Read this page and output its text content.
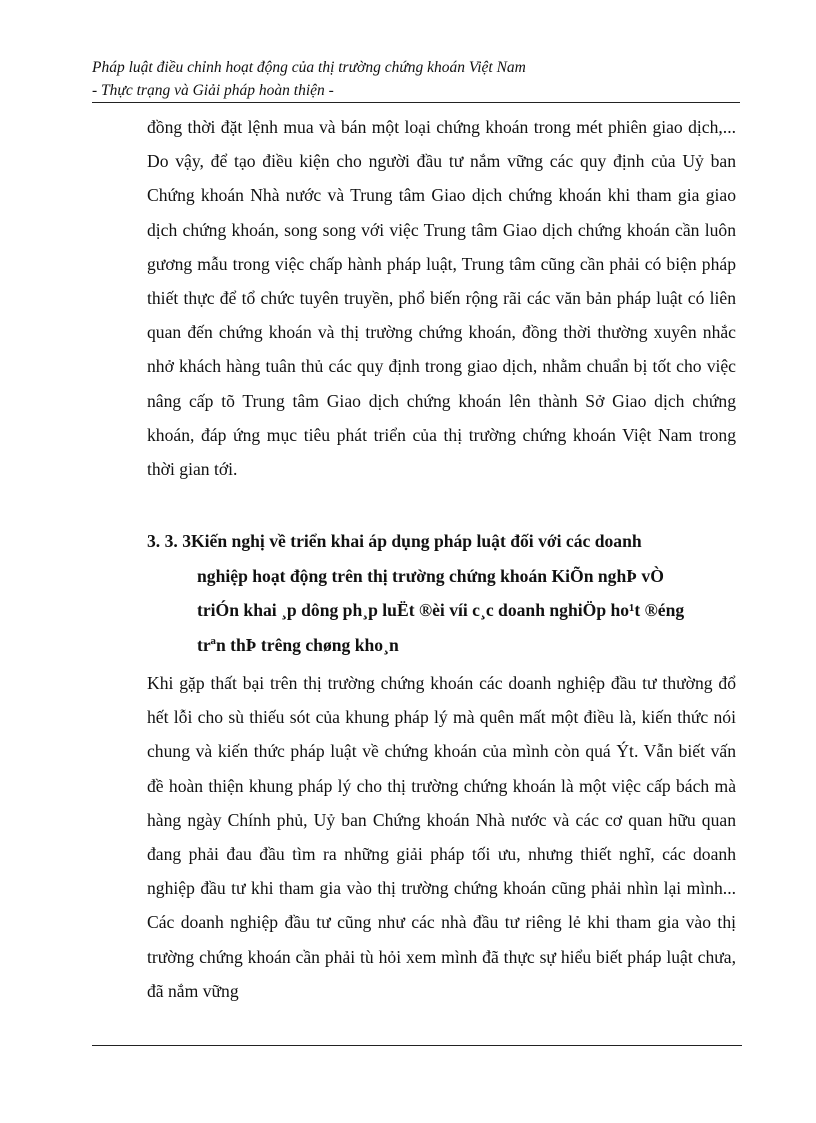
Pháp luật điều chỉnh hoạt động của thị trường chứng khoán Việt Nam
- Thực trạng và Giải pháp hoàn thiện -

đồng thời đặt lệnh mua và bán một loại chứng khoán trong mét phiên giao dịch,... Do vậy, để tạo điều kiện cho người đầu tư nắm vững các quy định của Uỷ ban Chứng khoán Nhà nước và Trung tâm Giao dịch chứng khoán khi tham gia giao dịch chứng khoán, song song với việc Trung tâm Giao dịch chứng khoán cần luôn gương mẫu trong việc chấp hành pháp luật, Trung tâm cũng cần phải có biện pháp thiết thực để tổ chức tuyên truyền, phổ biến rộng rãi các văn bản pháp luật có liên quan đến chứng khoán và thị trường chứng khoán, đồng thời thường xuyên nhắc nhở khách hàng tuân thủ các quy định trong giao dịch, nhằm chuẩn bị tốt cho việc nâng cấp tõ Trung tâm Giao dịch chứng khoán lên thành Sở Giao dịch chứng khoán, đáp ứng mục tiêu phát triển của thị trường chứng khoán Việt Nam trong thời gian tới.

3. 3. 3Kiến nghị về triển khai áp dụng pháp luật đối với các doanh
nghiệp hoạt động trên thị trường chứng khoán KiÕn nghÞ vÒ
triÓn khai ¸p dông ph¸p luËt ®èi víi c¸c doanh nghiÖp ho¹t ®éng
trªn thÞ trêng chøng kho¸n

Khi gặp thất bại trên thị trường chứng khoán các doanh nghiệp đầu tư thường đổ hết lỗi cho sù thiếu sót của khung pháp lý mà quên mất một điều là, kiến thức nói chung và kiến thức pháp luật về chứng khoán của mình còn quá Ýt. Vẫn biết vấn đề hoàn thiện khung pháp lý cho thị trường chứng khoán là một việc cấp bách mà hàng ngày Chính phủ, Uỷ ban Chứng khoán Nhà nước và các cơ quan hữu quan đang phải đau đầu tìm ra những giải pháp tối ưu, nhưng thiết nghĩ, các doanh nghiệp đầu tư khi tham gia vào thị trường chứng khoán cũng phải nhìn lại mình... Các doanh nghiệp đầu tư cũng như các nhà đầu tư riêng lẻ khi tham gia vào thị trường chứng khoán cần phải tù hỏi xem mình đã thực sự hiểu biết pháp luật chưa, đã nắm vững
